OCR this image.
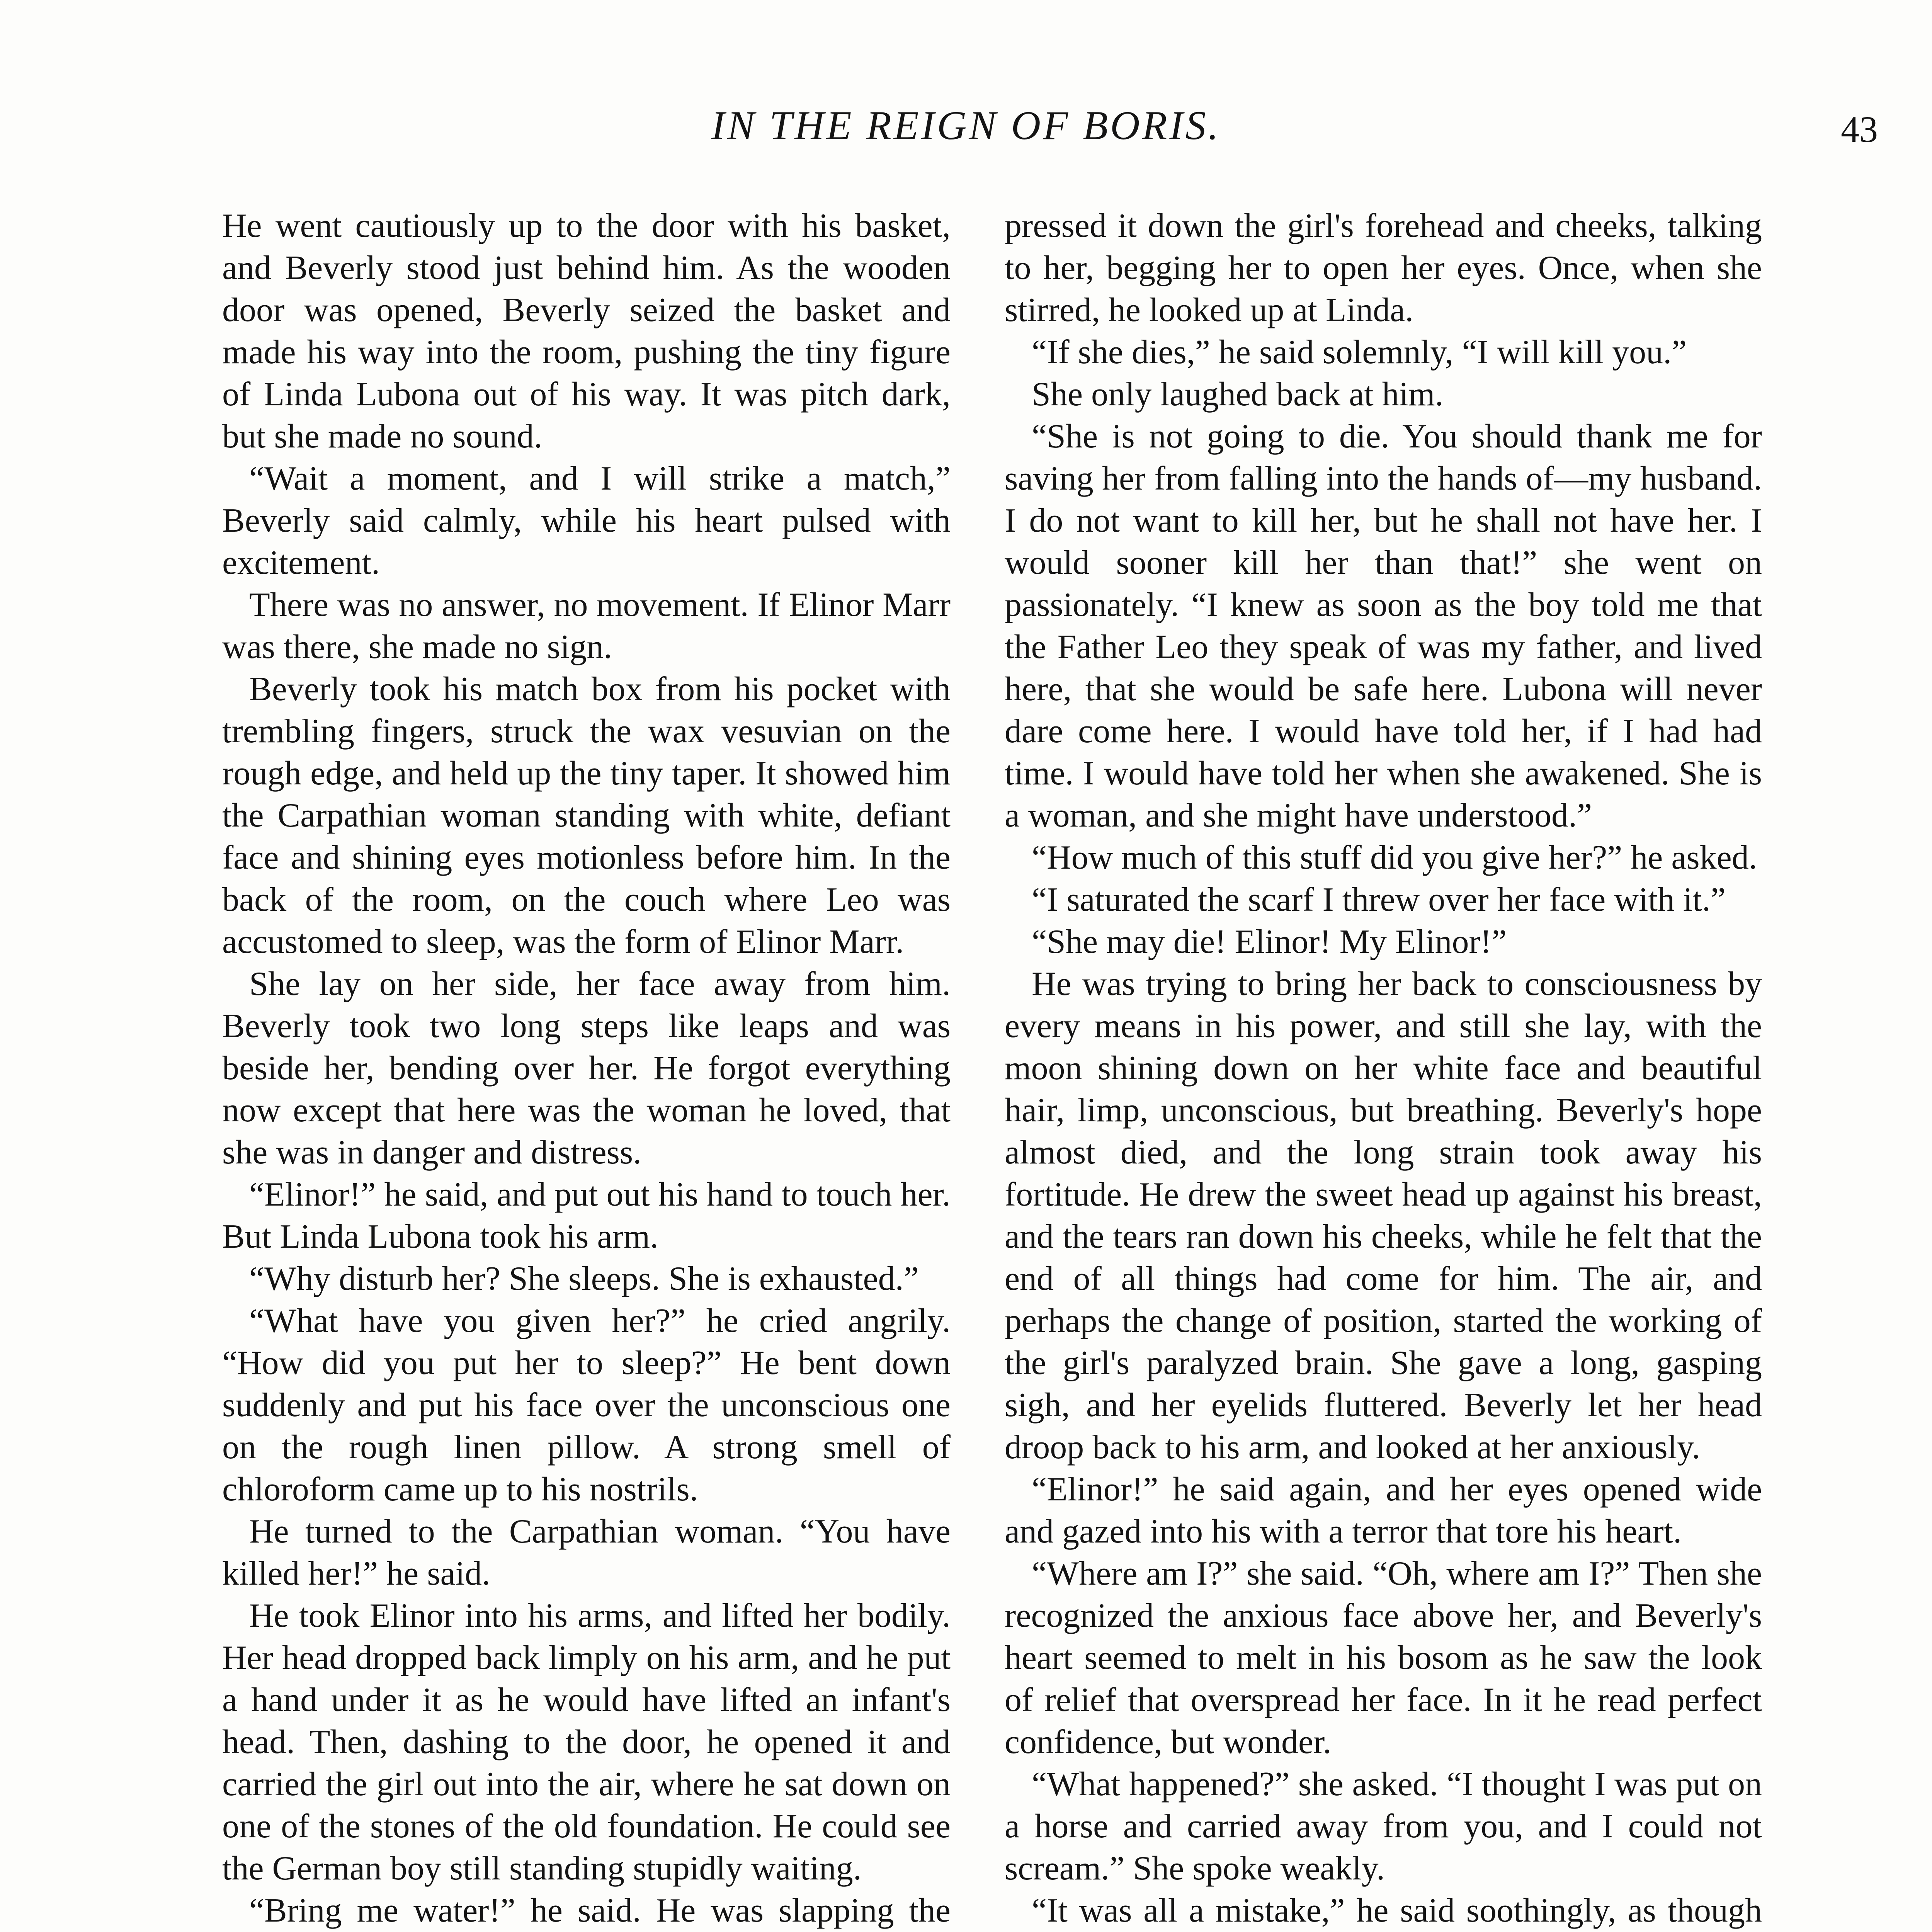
IN THE REIGN OF BORIS.	43

He went cautiously up to the door with his basket, and Beverly stood just behind him. As the wooden door was opened, Beverly seized the basket and made his way into the room, pushing the tiny figure of Linda Lubona out of his way. It was pitch dark, but she made no sound.

“Wait a moment, and I will strike a match,” Beverly said calmly, while his heart pulsed with excitement.

There was no answer, no movement. If Elinor Marr was there, she made no sign.

Beverly took his match box from his pocket with trembling fingers, struck the wax vesuvian on the rough edge, and held up the tiny taper. It showed him the Carpathian woman standing with white, defiant face and shining eyes motionless before him. In the back of the room, on the couch where Leo was accustomed to sleep, was the form of Elinor Marr.

She lay on her side, her face away from him. Beverly took two long steps like leaps and was beside her, bending over her. He forgot everything now except that here was the woman he loved, that she was in danger and distress.

“Elinor!” he said, and put out his hand to touch her. But Linda Lubona took his arm.

“Why disturb her? She sleeps. She is exhausted.”

“What have you given her?” he cried angrily. “How did you put her to sleep?” He bent down suddenly and put his face over the unconscious one on the rough linen pillow. A strong smell of chloroform came up to his nostrils.

He turned to the Carpathian woman. “You have killed her!” he said.

He took Elinor into his arms, and lifted her bodily. Her head dropped back limply on his arm, and he put a hand under it as he would have lifted an infant's head. Then, dashing to the door, he opened it and carried the girl out into the air, where he sat down on one of the stones of the old foundation. He could see the German boy still standing stupidly waiting.

“Bring me water!” he said. He was slapping the

pressed it down the girl's forehead and cheeks, talking to her, begging her to open her eyes. Once, when she stirred, he looked up at Linda.

“If she dies,” he said solemnly, “I will kill you.”

She only laughed back at him.

“She is not going to die. You should thank me for saving her from falling into the hands of—my husband. I do not want to kill her, but he shall not have her. I would sooner kill her than that!” she went on passionately. “I knew as soon as the boy told me that the Father Leo they speak of was my father, and lived here, that she would be safe here. Lubona will never dare come here. I would have told her, if I had had time. I would have told her when she awakened. She is a woman, and she might have understood.”

“How much of this stuff did you give her?” he asked.

“I saturated the scarf I threw over her face with it.”

“She may die! Elinor! My Elinor!”

He was trying to bring her back to consciousness by every means in his power, and still she lay, with the moon shining down on her white face and beautiful hair, limp, unconscious, but breathing. Beverly's hope almost died, and the long strain took away his fortitude. He drew the sweet head up against his breast, and the tears ran down his cheeks, while he felt that the end of all things had come for him. The air, and perhaps the change of position, started the working of the girl's paralyzed brain. She gave a long, gasping sigh, and her eyelids fluttered. Beverly let her head droop back to his arm, and looked at her anxiously.

“Elinor!” he said again, and her eyes opened wide and gazed into his with a terror that tore his heart.

“Where am I?” she said. “Oh, where am I?” Then she recognized the anxious face above her, and Beverly's heart seemed to melt in his bosom as he saw the look of relief that overspread her face. In it he read perfect confidence, but wonder.

“What happened?” she asked. “I thought I was put on a horse and carried away from you, and I could not scream.” She spoke weakly.

“It was all a mistake,” he said soothingly, as though
